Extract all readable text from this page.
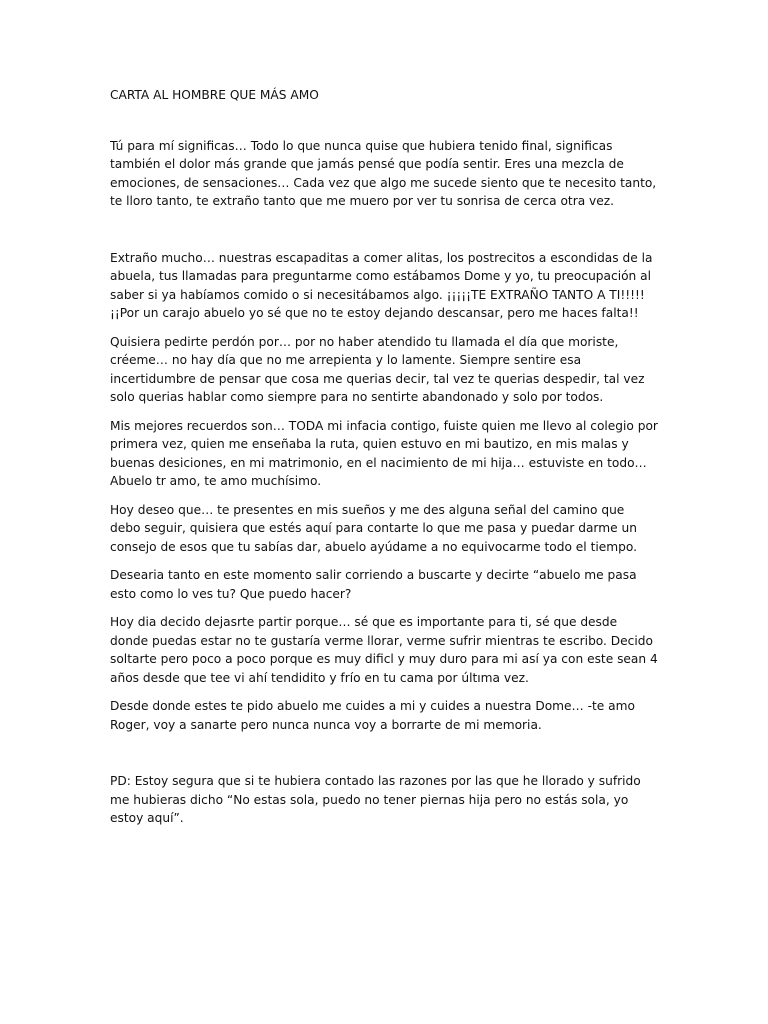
CARTA AL HOMBRE QUE MÁS AMO

Tú para mí significas… Todo lo que nunca quise que hubiera tenido final, significas también el dolor más grande que jamás pensé que podía sentir. Eres una mezcla de emociones, de sensaciones… Cada vez que algo me sucede siento que te necesito tanto, te lloro tanto, te extraño tanto que me muero por ver tu sonrisa de cerca otra vez.

Extraño mucho… nuestras escapaditas a comer alitas, los postrecitos a escondidas de la abuela, tus llamadas para preguntarme como estábamos Dome y yo, tu preocupación al saber si ya habíamos comido o si necesitábamos algo. ¡¡¡¡¡TE EXTRAÑO TANTO A TI!!!!! ¡¡Por un carajo abuelo yo sé que no te estoy dejando descansar, pero me haces falta!!

Quisiera pedirte perdón por… por no haber atendido tu llamada el día que moriste, créeme… no hay día que no me arrepienta y lo lamente. Siempre sentire esa incertidumbre de pensar que cosa me querias decir, tal vez te querias despedir, tal vez solo querias hablar como siempre para no sentirte abandonado y solo por todos.

Mis mejores recuerdos son… TODA mi infacia contigo, fuiste quien me llevo al colegio por primera vez, quien me enseñaba la ruta, quien estuvo en mi bautizo, en mis malas y buenas desiciones, en mi matrimonio, en el nacimiento de mi hija… estuviste en todo… Abuelo tr amo, te amo muchísimo.

Hoy deseo que… te presentes en mis sueños y me des alguna señal del camino que debo seguir, quisiera que estés aquí para contarte lo que me pasa y puedar darme un consejo de esos que tu sabías dar, abuelo ayúdame a no equivocarme todo el tiempo.

Desearia tanto en este momento salir corriendo a buscarte y decirte “abuelo me pasa esto como lo ves tu? Que puedo hacer?

Hoy dia decido dejasrte partir porque… sé que es importante para ti, sé que desde donde puedas estar no te gustaría verme llorar, verme sufrir mientras te escribo. Decido soltarte pero poco a poco porque es muy dificl y muy duro para mi así ya con este sean 4 años desde que tee vi ahí tendidito y frío en tu cama por últıma vez.

Desde donde estes te pido abuelo me cuides a mi y cuides a nuestra Dome… -te amo Roger, voy a sanarte pero nunca nunca voy a borrarte de mi memoria.

PD: Estoy segura que si te hubiera contado las razones por las que he llorado y sufrido me hubieras dicho “No estas sola, puedo no tener piernas hija pero no estás sola, yo estoy aquí”.
